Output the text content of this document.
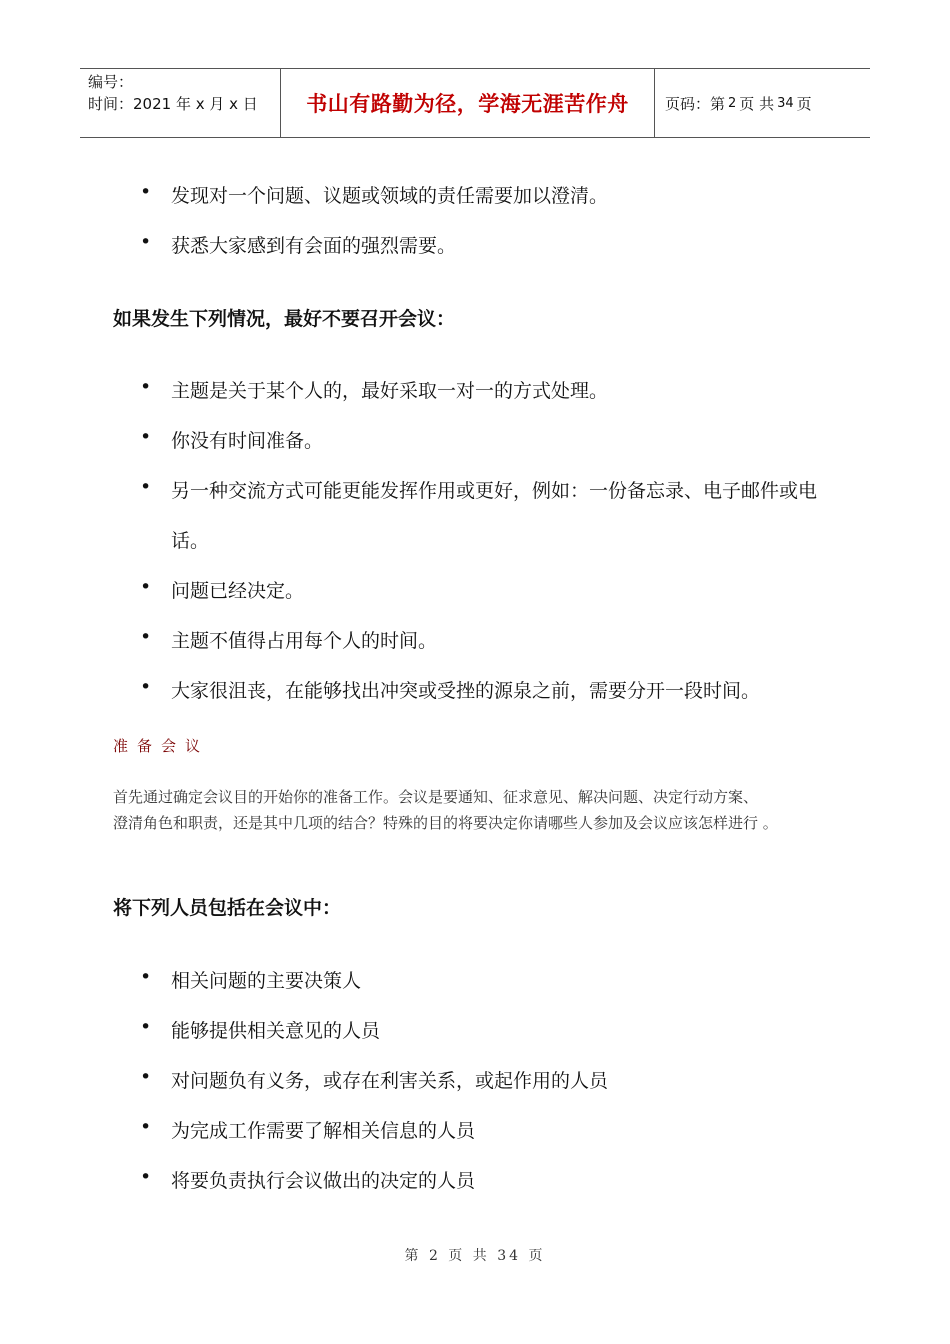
编号：
时间：2021 年 x 月 x 日	书山有路勤为径，学海无涯苦作舟	页码：第 2 页 共 34 页
•	发现对一个问题、议题或领域的责任需要加以澄清。
•	获悉大家感到有会面的强烈需要。
如果发生下列情况，最好不要召开会议：
•	主题是关于某个人的，最好采取一对一的方式处理。
•	你没有时间准备。
•	另一种交流方式可能更能发挥作用或更好，例如：一份备忘录、电子邮件或电
话。
•	问题已经决定。
•	主题不值得占用每个人的时间。
•	大家很沮丧，在能够找出冲突或受挫的源泉之前，需要分开一段时间。
准备会议
首先通过确定会议目的开始你的准备工作。会议是要通知、征求意见、解决问题、决定行动方案、
澄清角色和职责，还是其中几项的结合？特殊的目的将要决定你请哪些人参加及会议应该怎样进行 。
将下列人员包括在会议中：
•	相关问题的主要决策人
•	能够提供相关意见的人员
•	对问题负有义务，或存在利害关系，或起作用的人员
•	为完成工作需要了解相关信息的人员
•	将要负责执行会议做出的决定的人员
第 2 页 共 34 页
